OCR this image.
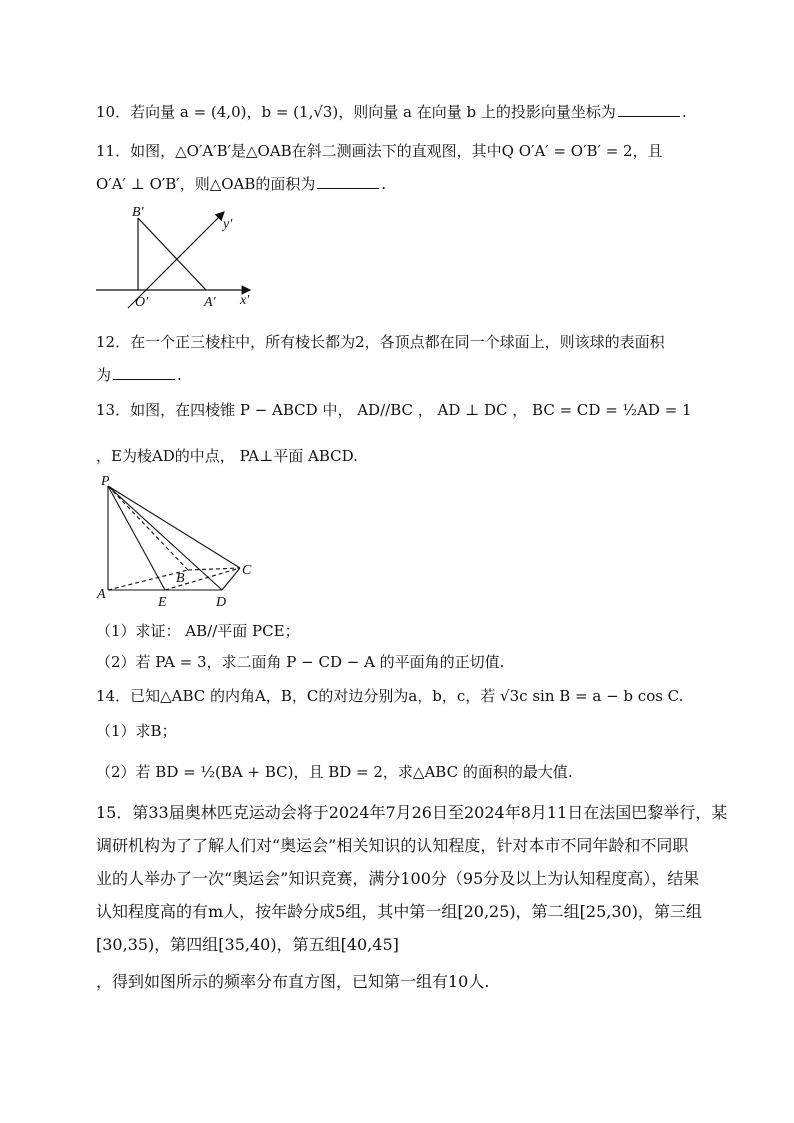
10．若向量 a = (4,0)，b = (1,√3)，则向量 a 在向量 b 上的投影向量坐标为	.
11．如图，△O′A′B′是△OAB在斜二测画法下的直观图，其中Q O′A′ = O′B′ = 2，且
O′A′ ⊥ O′B′，则△OAB的面积为	.
B′
y′
O′	A′ x′
12．在一个正三棱柱中，所有棱长都为2，各顶点都在同一个球面上，则该球的表面积
为	.
13．如图，在四棱锥 P − ABCD 中， AD//BC ， AD ⊥ DC ， BC = CD = ½AD = 1
，E为棱AD的中点， PA⊥平面 ABCD.
P
B
C
A
E	D
（1）求证： AB//平面 PCE；
（2）若 PA = 3，求二面角 P − CD − A 的平面角的正切值.
14．已知△ABC 的内角A，B，C的对边分别为a，b，c，若 √3c sin B = a − b cos C.
（1）求B；
（2）若 BD = ½(BA + BC)，且 BD = 2，求△ABC 的面积的最大值.
15．第33届奥林匹克运动会将于2024年7月26日至2024年8月11日在法国巴黎举行，某
调研机构为了了解人们对“奥运会”相关知识的认知程度，针对本市不同年龄和不同职
业的人举办了一次“奥运会”知识竞赛，满分100分（95分及以上为认知程度高），结果
认知程度高的有m人，按年龄分成5组，其中第一组[20,25)，第二组[25,30)，第三组
[30,35)，第四组[35,40)，第五组[40,45]
，得到如图所示的频率分布直方图，已知第一组有10人.
